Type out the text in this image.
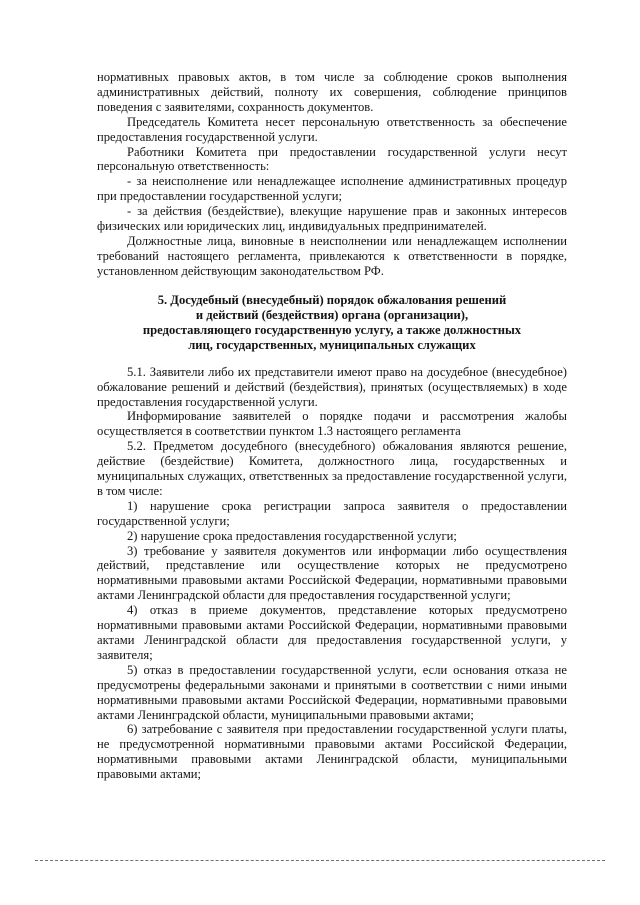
нормативных правовых актов, в том числе за соблюдение сроков выполнения административных действий, полноту их совершения, соблюдение принципов поведения с заявителями, сохранность документов.

Председатель Комитета несет персональную ответственность за обеспечение предоставления государственной услуги.

Работники Комитета при предоставлении государственной услуги несут персональную ответственность:

- за неисполнение или ненадлежащее исполнение административных процедур при предоставлении государственной услуги;

- за действия (бездействие), влекущие нарушение прав и законных интересов физических или юридических лиц, индивидуальных предпринимателей.

Должностные лица, виновные в неисполнении или ненадлежащем исполнении требований настоящего регламента, привлекаются к ответственности в порядке, установленном действующим законодательством РФ.

5. Досудебный (внесудебный) порядок обжалования решений
и действий (бездействия) органа (организации),
предоставляющего государственную услугу, а также должностных
лиц, государственных, муниципальных служащих

5.1. Заявители либо их представители имеют право на досудебное (внесудебное) обжалование решений и действий (бездействия), принятых (осуществляемых) в ходе предоставления государственной услуги.

Информирование заявителей о порядке подачи и рассмотрения жалобы осуществляется в соответствии пунктом 1.3 настоящего регламента

5.2. Предметом досудебного (внесудебного) обжалования являются решение, действие (бездействие) Комитета, должностного лица, государственных и муниципальных служащих, ответственных за предоставление государственной услуги, в том числе:

1) нарушение срока регистрации запроса заявителя о предоставлении государственной услуги;

2) нарушение срока предоставления государственной услуги;

3) требование у заявителя документов или информации либо осуществления действий, представление или осуществление которых не предусмотрено нормативными правовыми актами Российской Федерации, нормативными правовыми актами Ленинградской области для предоставления государственной услуги;

4) отказ в приеме документов, представление которых предусмотрено нормативными правовыми актами Российской Федерации, нормативными правовыми актами Ленинградской области для предоставления государственной услуги, у заявителя;

5) отказ в предоставлении государственной услуги, если основания отказа не предусмотрены федеральными законами и принятыми в соответствии с ними иными нормативными правовыми актами Российской Федерации, нормативными правовыми актами Ленинградской области, муниципальными правовыми актами;

6) затребование с заявителя при предоставлении государственной услуги платы, не предусмотренной нормативными правовыми актами Российской Федерации, нормативными правовыми актами Ленинградской области, муниципальными правовыми актами;
